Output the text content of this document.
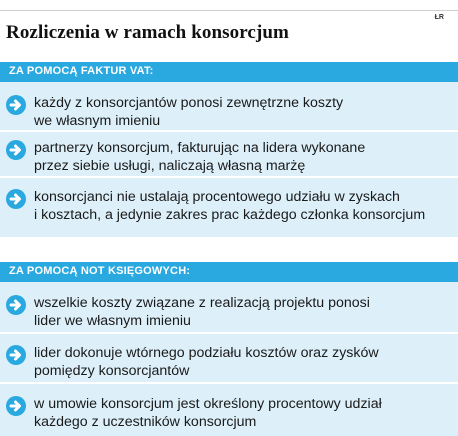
ŁR
Rozliczenia w ramach konsorcjum
ZA POMOCĄ FAKTUR VAT:
każdy z konsorcjantów ponosi zewnętrzne koszty
we własnym imieniu
partnerzy konsorcjum, fakturując na lidera wykonane
przez siebie usługi, naliczają własną marżę
konsorcjanci nie ustalają procentowego udziału w zyskach
i kosztach, a jedynie zakres prac każdego członka konsorcjum
ZA POMOCĄ NOT KSIĘGOWYCH:
wszelkie koszty związane z realizacją projektu ponosi
lider we własnym imieniu
lider dokonuje wtórnego podziału kosztów oraz zysków
pomiędzy konsorcjantów
w umowie konsorcjum jest określony procentowy udział
każdego z uczestników konsorcjum
